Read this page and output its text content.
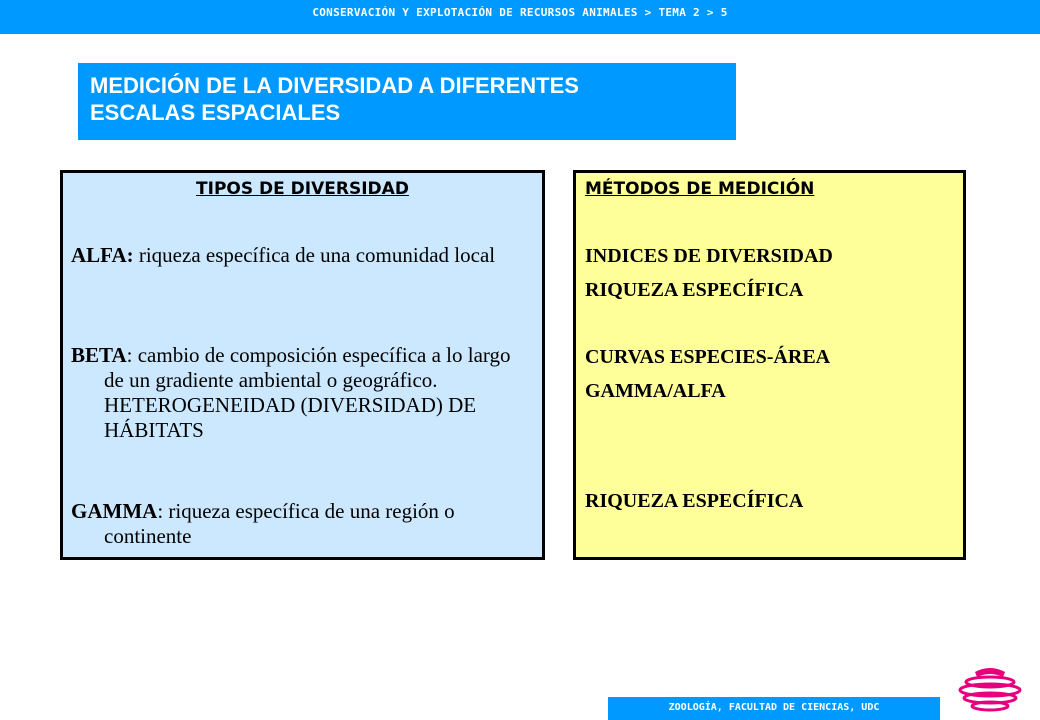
CONSERVACIÓN Y EXPLOTACIÓN DE RECURSOS ANIMALES > TEMA 2 > 5
MEDICIÓN DE LA DIVERSIDAD A DIFERENTES
ESCALAS ESPACIALES
TIPOS DE DIVERSIDAD
ALFA: riqueza específica de una comunidad local
BETA: cambio de composición específica a lo largo de un gradiente ambiental o geográfico. HETEROGENEIDAD (DIVERSIDAD) DE HÁBITATS
GAMMA: riqueza específica de una región o continente
MÉTODOS DE MEDICIÓN
INDICES DE DIVERSIDAD
RIQUEZA ESPECÍFICA
CURVAS ESPECIES-ÁREA
GAMMA/ALFA
RIQUEZA ESPECÍFICA
ZOOLOGÍA, FACULTAD DE CIENCIAS, UDC
